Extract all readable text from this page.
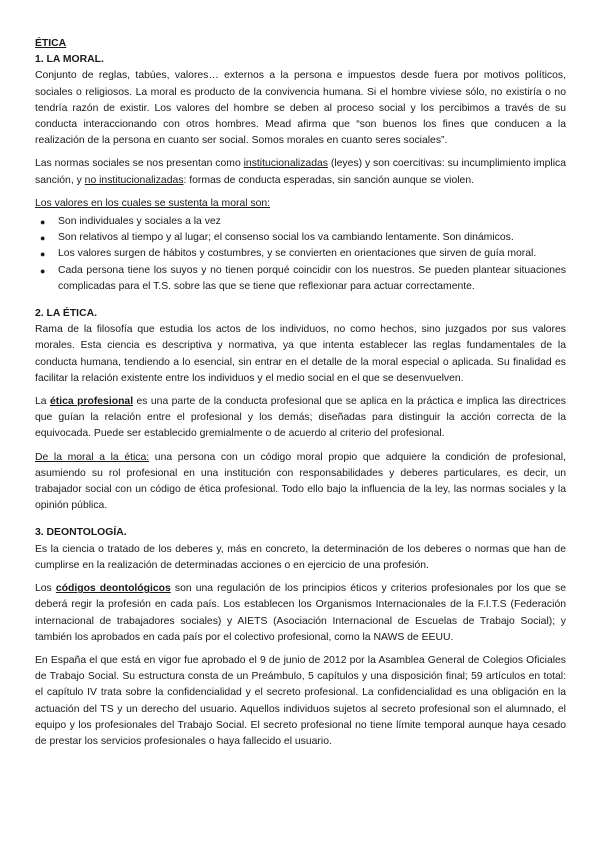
ÉTICA

1. LA MORAL.

Conjunto de reglas, tabúes, valores… externos a la persona e impuestos desde fuera por motivos políticos, sociales o religiosos. La moral es producto de la convivencia humana. Si el hombre viviese sólo, no existiría o no tendría razón de existir. Los valores del hombre se deben al proceso social y los percibimos a través de su conducta interaccionando con otros hombres. Mead afirma que “son buenos los fines que conducen a la realización de la persona en cuanto ser social. Somos morales en cuanto seres sociales”.

Las normas sociales se nos presentan como institucionalizadas (leyes) y son coercitivas: su incumplimiento implica sanción, y no institucionalizadas: formas de conducta esperadas, sin sanción aunque se violen.

Los valores en los cuales se sustenta la moral son:

● Son individuales y sociales a la vez
● Son relativos al tiempo y al lugar; el consenso social los va cambiando lentamente. Son dinámicos.
● Los valores surgen de hábitos y costumbres, y se convierten en orientaciones que sirven de guía moral.
● Cada persona tiene los suyos y no tienen porqué coincidir con los nuestros. Se pueden plantear situaciones complicadas para el T.S. sobre las que se tiene que reflexionar para actuar correctamente.
2. LA ÉTICA.

Rama de la filosofía que estudia los actos de los individuos, no como hechos, sino juzgados por sus valores morales. Esta ciencia es descriptiva y normativa, ya que intenta establecer las reglas fundamentales de la conducta humana, tendiendo a lo esencial, sin entrar en el detalle de la moral especial o aplicada. Su finalidad es facilitar la relación existente entre los individuos y el medio social en el que se desenvuelven.

La ética profesional es una parte de la conducta profesional que se aplica en la práctica e implica las directrices que guían la relación entre el profesional y los demás; diseñadas para distinguir la acción correcta de la equivocada. Puede ser establecido gremialmente o de acuerdo al criterio del profesional.

De la moral a la ética: una persona con un código moral propio que adquiere la condición de profesional, asumiendo su rol profesional en una institución con responsabilidades y deberes particulares, es decir, un trabajador social con un código de ética profesional. Todo ello bajo la influencia de la ley, las normas sociales y la opinión pública.

3. DEONTOLOGÍA.

Es la ciencia o tratado de los deberes y, más en concreto, la determinación de los deberes o normas que han de cumplirse en la realización de determinadas acciones o en ejercicio de una profesión.

Los códigos deontológicos son una regulación de los principios éticos y criterios profesionales por los que se deberá regir la profesión en cada país. Los establecen los Organismos Internacionales de la F.I.T.S (Federación internacional de trabajadores sociales) y AIETS (Asociación Internacional de Escuelas de Trabajo Social); y también los aprobados en cada país por el colectivo profesional, como la NAWS de EEUU.

En España el que está en vigor fue aprobado el 9 de junio de 2012 por la Asamblea General de Colegios Oficiales de Trabajo Social. Su estructura consta de un Preámbulo, 5 capítulos y una disposición final; 59 artículos en total: el capítulo IV trata sobre la confidencialidad y el secreto profesional. La confidencialidad es una obligación en la actuación del TS y un derecho del usuario. Aquellos individuos sujetos al secreto profesional son el alumnado, el equipo y los profesionales del Trabajo Social. El secreto profesional no tiene límite temporal aunque haya cesado de prestar los servicios profesionales o haya fallecido el usuario.
